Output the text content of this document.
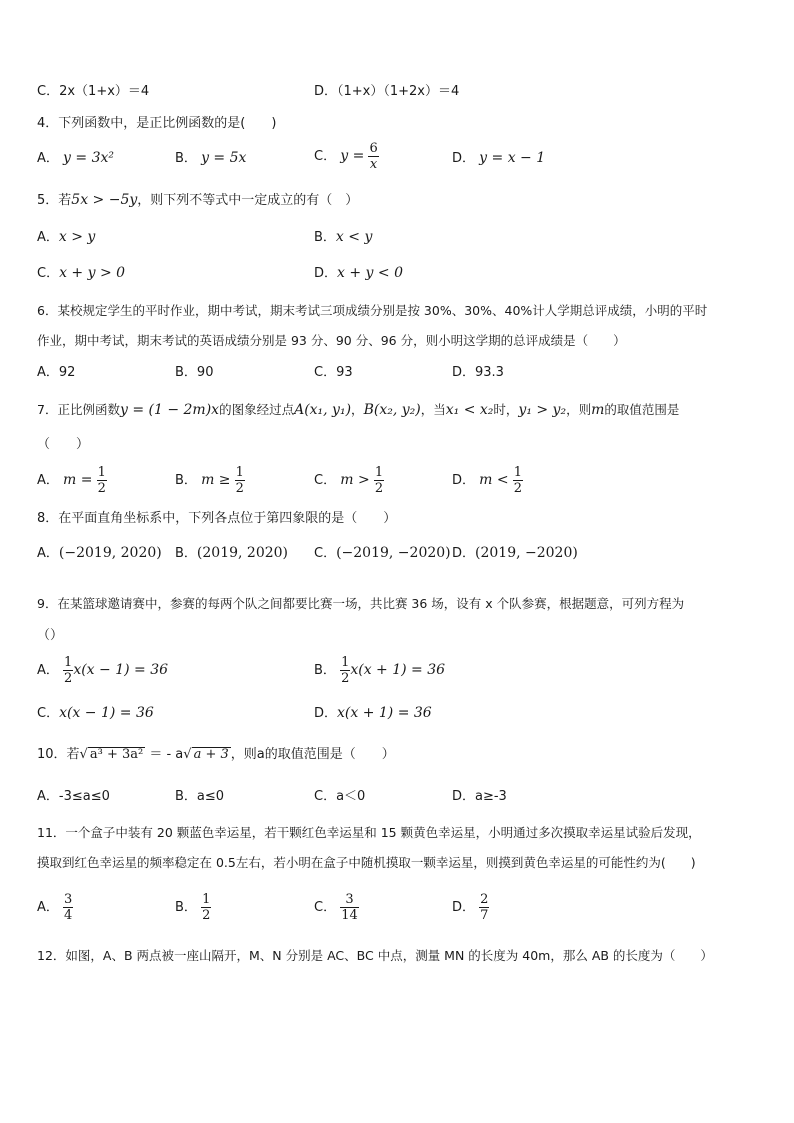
C．2x（1+x）＝4	D．（1+x）（1+2x）＝4
4．下列函数中，是正比例函数的是(　　)
A． y = 3x²	B． y = 5x	C． $y = \frac{6}{x}$	D． y = x − 1
5．若5x > −5y，则下列不等式中一定成立的有（　）
A．x > y	B．x < y
C．x + y > 0	D．x + y < 0
6．某校规定学生的平时作业，期中考试，期末考试三项成绩分别是按 30%、30%、40%计人学期总评成绩，小明的平时
作业，期中考试，期末考试的英语成绩分别是 93 分、90 分、96 分，则小明这学期的总评成绩是（　　）
A．92	B．90	C．93	D．93.3
7．正比例函数y = (1 − 2m)x的图象经过点A(x₁, y₁)，B(x₂, y₂)，当x₁ < x₂时，y₁ > y₂，则m的取值范围是
（　　）
A． $m = \frac{1}{2}$	B． $m \ge \frac{1}{2}$	C． $m > \frac{1}{2}$	D． $m < \frac{1}{2}$
8．在平面直角坐标系中，下列各点位于第四象限的是（　　）
A．(−2019, 2020) B．(2019, 2020) C．(−2019, −2020) D．(2019, −2020)
9．在某篮球邀请赛中，参赛的每两个队之间都要比赛一场，共比赛 36 场，设有 x 个队参赛，根据题意，可列方程为
（）
A． $\frac{1}{2} x(x - 1) = 36$	B． $\frac{1}{2} x(x + 1) = 36$
C．x(x − 1) = 36	D．x(x + 1) = 36
10．若√ a³ + 3a² ＝ - a√ a + 3 ，则a的取值范围是（　　）
A．-3≤a≤0	B．a≤0	C．a＜0	D．a≥-3
11．一个盒子中装有 20 颗蓝色幸运星，若干颗红色幸运星和 15 颗黄色幸运星，小明通过多次摸取幸运星试验后发现，
摸取到红色幸运星的频率稳定在 0.5左右，若小明在盒子中随机摸取一颗幸运星，则摸到黄色幸运星的可能性约为(　　)
A． $\frac{3}{4}$	B． $\frac{1}{2}$	C． $\frac{3}{14}$	D． $\frac{2}{7}$
12．如图，A、B 两点被一座山隔开，M、N 分别是 AC、BC 中点，测量 MN 的长度为 40m，那么 AB 的长度为（　　）
